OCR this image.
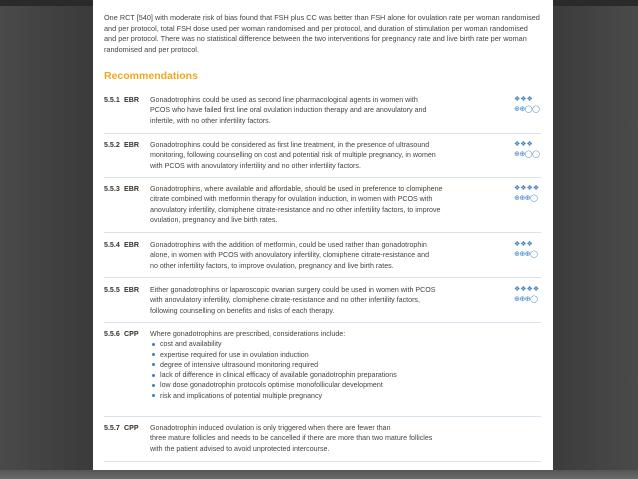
One RCT [540] with moderate risk of bias found that FSH plus CC was better than FSH alone for ovulation rate per woman randomised and per protocol, total FSH dose used per woman randomised and per protocol, and duration of stimulation per woman randomised and per protocol. There was no statistical difference between the two interventions for pregnancy rate and live birth rate per woman randomised and per protocol.
Recommendations
5.5.1 EBR Gonadotrophins could be used as second line pharmacological agents in women with
PCOS who have failed first line oral ovulation induction therapy and are anovulatory and
infertile, with no other infertility factors.
❖❖❖
⊕⊕◯◯
5.5.2 EBR Gonadotrophins could be considered as first line treatment, in the presence of ultrasound
monitoring, following counselling on cost and potential risk of multiple pregnancy, in women
with PCOS with anovulatory infertility and no other infertility factors.
❖❖❖
⊕⊕◯◯
5.5.3 EBR Gonadotrophins, where available and affordable, should be used in preference to clomiphene
citrate combined with metformin therapy for ovulation induction, in women with PCOS with
anovulatory infertility, clomiphene citrate-resistance and no other infertility factors, to improve
ovulation, pregnancy and live birth rates.
❖❖❖❖
⊕⊕⊕◯
5.5.4 EBR Gonadotrophins with the addition of metformin, could be used rather than gonadotrophin
alone, in women with PCOS with anovulatory infertility, clomiphene citrate-resistance and
no other infertility factors, to improve ovulation, pregnancy and live birth rates.
❖❖❖
⊕⊕⊕◯
5.5.5 EBR Either gonadotrophins or laparoscopic ovarian surgery could be used in women with PCOS
with anovulatory infertility, clomiphene citrate-resistance and no other infertility factors,
following counselling on benefits and risks of each therapy.
❖❖❖❖
⊕⊕⊕◯
5.5.6 CPP Where gonadotrophins are prescribed, considerations include:
cost and availability
expertise required for use in ovulation induction
degree of intensive ultrasound monitoring required
lack of difference in clinical efficacy of available gonadotrophin preparations
low dose gonadotrophin protocols optimise monofollicular development
risk and implications of potential multiple pregnancy
5.5.7 CPP Gonadotrophin induced ovulation is only triggered when there are fewer than
three mature follicles and needs to be cancelled if there are more than two mature follicles
with the patient advised to avoid unprotected intercourse.
